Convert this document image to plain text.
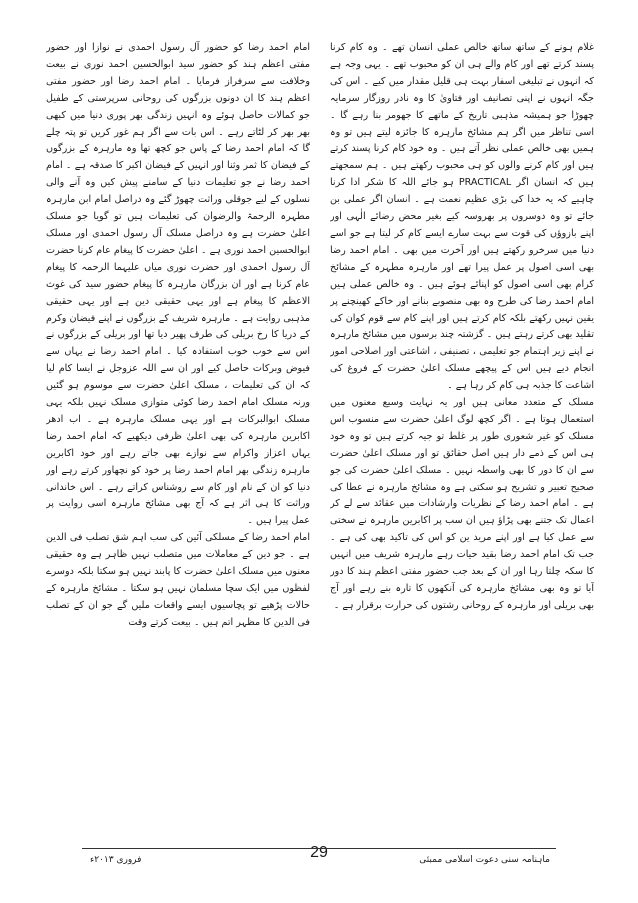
غلام ہونے کے ساتھ ساتھ خالص عملی انسان تھے ۔ وہ کام کرنا پسند کرتے تھے اور کام والے ہی ان کو محبوب تھے ۔ یہی وجہ ہے کہ انہوں نے تبلیغی اسفار بہت ہی قلیل مقدار میں کیے ۔ اس کی جگہ انہوں نے اپنی تصانیف اور فتاویٰ کا وہ نادر روزگار سرمایہ چھوڑا جو ہمیشہ مذہبی تاریخ کے ماتھے کا جھومر بنا رہے گا ۔ اسی تناظر میں اگر ہم مشائخ مارہرہ کا جائزہ لیتے ہیں تو وہ ہمیں بھی خالص عملی نظر آتے ہیں ۔ وہ خود کام کرنا پسند کرتے ہیں اور کام کرنے والوں کو ہی محبوب رکھتے ہیں ۔ ہم سمجھتے ہیں کہ انسان اگر PRACTICAL ہو جائے اللہ کا شکر ادا کرنا چاہیے کہ یہ خدا کی بڑی عظیم نعمت ہے ۔ انسان اگر عملی بن جائے تو وہ دوسروں پر بھروسہ کیے بغیر محض رضائے الٰہی اور اپنے بازوؤں کی قوت سے بہت سارے ایسے کام کر لیتا ہے جو اسے دنیا میں سرخرو رکھتے ہیں اور آخرت میں بھی ۔ امام احمد رضا بھی اسی اصول پر عمل پیرا تھے اور مارہرہ مطہرہ کے مشائخ کرام بھی اسی اصول کو اپنائے ہوئے ہیں ۔ وہ خالص عملی ہیں امام احمد رضا کی طرح وہ بھی منصوبے بنانے اور خاکے کھینچنے پر یقین نہیں رکھتے بلکہ کام کرتے ہیں اور اپنے کام سے قوم کوان کی تقلید بھی کرتے رہتے ہیں ۔ گزشتہ چند برسوں میں مشائخ مارہرہ نے اپنے زیر اہتمام جو تعلیمی ، تصنیفی ، اشاعتی اور اصلاحی امور انجام دیے ہیں اس کے پیچھے مسلک اعلیٰ حضرت کے فروغ کی اشاعت کا جذبہ ہی کام کر رہا ہے ۔

مسلک کے متعدد معانی ہیں اور یہ نہایت وسیع معنوں میں استعمال ہوتا ہے ۔ اگر کچھ لوگ اعلیٰ حضرت سے منسوب اس مسلک کو غیر شعوری طور پر غلط تو جیہ کرتے ہیں تو وہ خود ہی اس کے ذمے دار ہیں اصل حقائق تو اور مسلک اعلیٰ حضرت سے ان کا دور کا بھی واسطہ نہیں ۔ مسلک اعلیٰ حضرت کی جو صحیح تعبیر و تشریح ہو سکتی ہے وہ مشائخ مارہرہ نے عطا کی ہے ۔ امام احمد رضا کے نظریات وارشادات میں عقائد سے لے کر اعمال تک جتنے بھی پڑاؤ ہیں ان سب پر اکابرین مارہرہ نے سختی سے عمل کیا ہے اور اپنے مرید ین کو اس کی تاکید بھی کی ہے ۔ جب تک امام احمد رضا بقید حیات رہے مارہرہ شریف میں انہیں کا سکہ چلتا رہا اور ان کے بعد جب حضور مفتی اعظم ہند کا دور آیا تو وہ بھی مشائخ مارہرہ کی آنکھوں کا تارہ بنے رہے اور آج بھی بریلی اور مارہرہ کے روحانی رشتوں کی حرارت برقرار ہے ۔

امام احمد رضا کو حضور آل رسول احمدی نے نوازا اور حضور مفتی اعظم ہند کو حضور سید ابوالحسین احمد نوری نے بیعت وخلافت سے سرفراز فرمایا ۔ امام احمد رضا اور حضور مفتی اعظم ہند کا ان دونوں بزرگوں کی روحانی سرپرستی کے طفیل جو کمالات حاصل ہوئے وہ انہیں زندگی بھر پوری دنیا میں کبھی بھر بھر کر لٹاتے رہے ۔ اس بات سے اگر ہم غور کریں تو پتہ چلے گا کہ امام احمد رضا کے پاس جو کچھ تھا وہ مارہرہ کے بزرگوں کے فیضان کا ثمر وثنا اور انہیں کے فیضان اکبر کا صدقہ ہے ۔ امام احمد رضا نے جو تعلیمات دنیا کے سامنے پیش کیں وہ آنے والی نسلوں کے لیے جوقلی وراثت چھوڑ گئے وہ دراصل امام ابن مارہرہ مطہرہ الرحمۃ والرضوان کی تعلیمات ہیں تو گویا جو مسلک اعلیٰ حضرت ہے وہ دراصل مسلک آل رسول احمدی اور مسلک ابوالحسین احمد نوری ہے ۔ اعلیٰ حضرت کا پیغام عام کرنا حضرت آل رسول احمدی اور حضرت نوری میاں علیہما الرحمہ کا پیغام عام کرنا ہے اور ان بزرگان مارہرہ کا پیغام حضور سید کی غوث الاعظم کا پیغام ہے اور یہی حقیقی دین ہے اور یہی حقیقی مذہبی روایت ہے ۔ مارہرہ شریف کے بزرگوں نے اپنے فیضان وکرم کے دریا کا رخ بریلی کی طرف پھیر دیا تھا اور بریلی کے بزرگوں نے اس سے خوب خوب استفادہ کیا ۔ امام احمد رضا نے یہاں سے فیوض وبرکات حاصل کیے اور ان سے اللہ عزوجل نے ایسا کام لیا کہ ان کی تعلیمات ، مسلک اعلیٰ حضرت سے موسوم ہو گئیں ورنہ مسلک امام احمد رضا کوئی متوازی مسلک نہیں بلکہ یہی مسلک ابوالبرکات ہے اور یہی مسلک مارہرہ ہے ۔ اب ادھر اکابرین مارہرہ کی بھی اعلیٰ ظرفی دیکھیے کہ امام احمد رضا یہاں اعزاز واکرام سے نوازے بھی جاتے رہے اور خود اکابرین مارہرہ زندگی بھر امام احمد رضا پر خود کو نچھاور کرتے رہے اور دنیا کو ان کے نام اور کام سے روشناس کراتے رہے ۔ اس خاندانی وراثت کا ہی اثر ہے کہ آج بھی مشائخ مارہرہ اسی روایت پر عمل پیرا ہیں ۔

امام احمد رضا کے مسلکی آئین کی سب اہم شق تصلب فی الدین ہے ۔ جو دین کے معاملات میں متصلب نہیں ظاہر ہے وہ حقیقی معنوں میں مسلک اعلیٰ حضرت کا پابند نہیں ہو سکتا بلکہ دوسرے لفظوں میں ایک سچا مسلمان نہیں ہو سکتا ۔ مشائخ مارہرہ کے حالات پڑھیے تو پچاسیوں ایسے واقعات ملیں گے جو ان کے تصلب فی الدین کا مظہر اتم ہیں ۔ بیعت کرتے وقت

29	ماہنامہ سنی دعوت اسلامی ممبئی
فروری ۲۰۱۳ء
